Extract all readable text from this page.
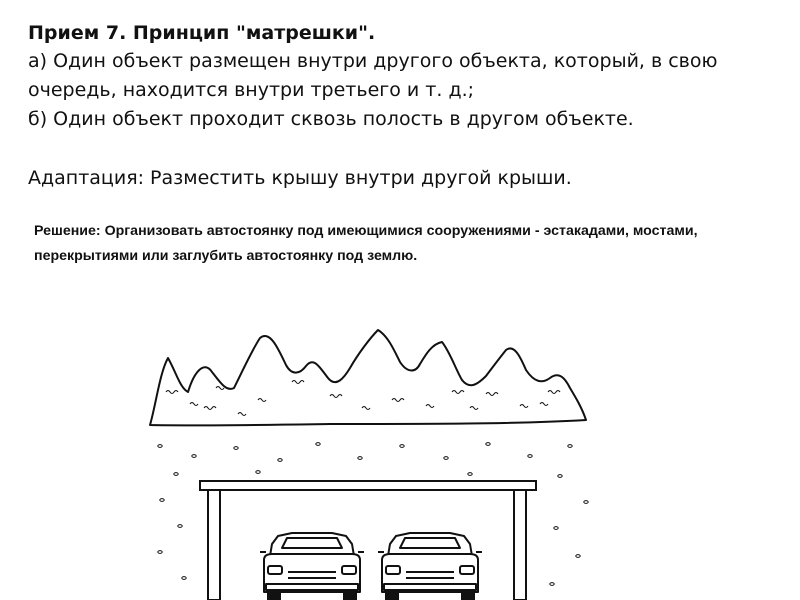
Прием 7. Принцип "матрешки".
а) Один объект размещен внутри другого объекта, который, в свою
очередь, находится внутри третьего и т. д.;
б) Один объект проходит сквозь полость в другом объекте.
Адаптация: Разместить крышу внутри другой крыши.
Решение: Организовать автостоянку под имеющимися сооружениями - эстакадами, мостами, перекрытиями или заглубить автостоянку под землю.
